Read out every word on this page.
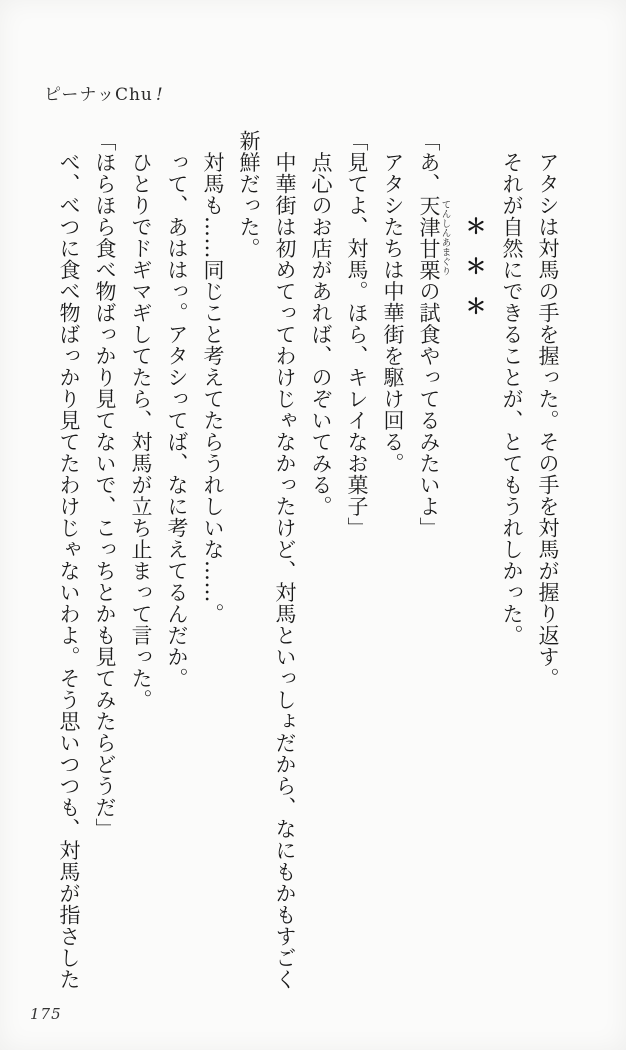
ピーナッChu !
　アタシは対馬の手を握った。その手を対馬が握り返す。
　それが自然にできることが、とてもうれしかった。
＊＊＊
「あ、天津甘栗てんしんあまぐりの試食やってるみたいよ」
　アタシたちは中華街を駆け回る。
「見てよ、対馬。ほら、キレイなお菓子」
　点心のお店があれば、のぞいてみる。
　中華街は初めてってわけじゃなかったけど、対馬といっしょだから、なにもかもすごく
新鮮だった。
　対馬も……同じこと考えてたらうれしいな……。
　って、あははっ。アタシってば、なに考えてるんだか。
　ひとりでドギマギしてたら、対馬が立ち止まって言った。
「ほらほら食べ物ばっかり見てないで、こっちとかも見てみたらどうだ」
　べ、べつに食べ物ばっかり見てたわけじゃないわよ。そう思いつつも、対馬が指さした
175
